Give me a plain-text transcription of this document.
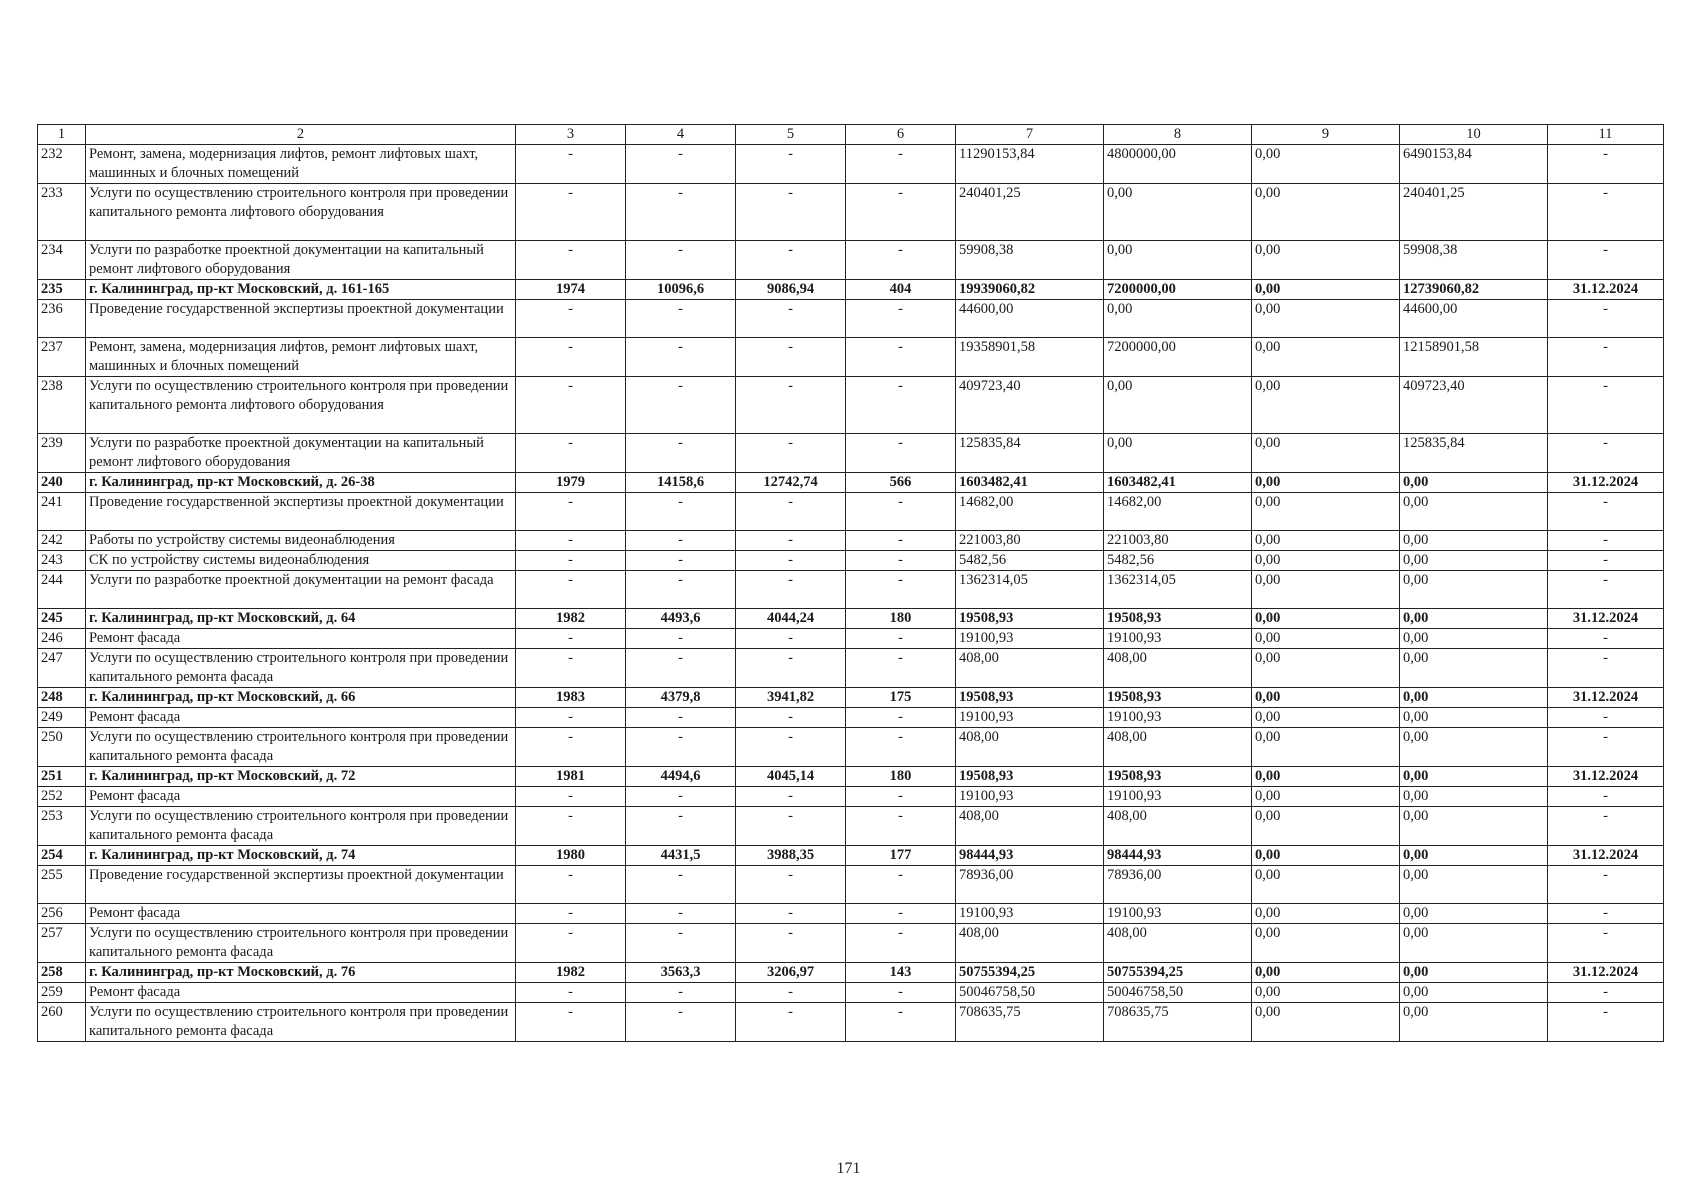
1	2	3	4	5	6	7	8	9	10	11
232	Ремонт, замена, модернизация лифтов, ремонт лифтовых шахт, машинных и блочных помещений	-	-	-	-	11290153,84	4800000,00	0,00	6490153,84	-
233	Услуги по осуществлению строительного контроля при проведении капитального ремонта лифтового оборудования	-	-	-	-	240401,25	0,00	0,00	240401,25	-
234	Услуги по разработке проектной документации на капитальный ремонт лифтового оборудования	-	-	-	-	59908,38	0,00	0,00	59908,38	-
235	г. Калининград, пр-кт Московский, д. 161-165	1974	10096,6	9086,94	404	19939060,82	7200000,00	0,00	12739060,82	31.12.2024
236	Проведение государственной экспертизы проектной документации	-	-	-	-	44600,00	0,00	0,00	44600,00	-
237	Ремонт, замена, модернизация лифтов, ремонт лифтовых шахт, машинных и блочных помещений	-	-	-	-	19358901,58	7200000,00	0,00	12158901,58	-
238	Услуги по осуществлению строительного контроля при проведении капитального ремонта лифтового оборудования	-	-	-	-	409723,40	0,00	0,00	409723,40	-
239	Услуги по разработке проектной документации на капитальный ремонт лифтового оборудования	-	-	-	-	125835,84	0,00	0,00	125835,84	-
240	г. Калининград, пр-кт Московский, д. 26-38	1979	14158,6	12742,74	566	1603482,41	1603482,41	0,00	0,00	31.12.2024
241	Проведение государственной экспертизы проектной документации	-	-	-	-	14682,00	14682,00	0,00	0,00	-
242	Работы по устройству системы видеонаблюдения	-	-	-	-	221003,80	221003,80	0,00	0,00	-
243	СК по устройству системы видеонаблюдения	-	-	-	-	5482,56	5482,56	0,00	0,00	-
244	Услуги по разработке проектной документации на ремонт фасада	-	-	-	-	1362314,05	1362314,05	0,00	0,00	-
245	г. Калининград, пр-кт Московский, д. 64	1982	4493,6	4044,24	180	19508,93	19508,93	0,00	0,00	31.12.2024
246	Ремонт фасада	-	-	-	-	19100,93	19100,93	0,00	0,00	-
247	Услуги по осуществлению строительного контроля при проведении капитального ремонта фасада	-	-	-	-	408,00	408,00	0,00	0,00	-
248	г. Калининград, пр-кт Московский, д. 66	1983	4379,8	3941,82	175	19508,93	19508,93	0,00	0,00	31.12.2024
249	Ремонт фасада	-	-	-	-	19100,93	19100,93	0,00	0,00	-
250	Услуги по осуществлению строительного контроля при проведении капитального ремонта фасада	-	-	-	-	408,00	408,00	0,00	0,00	-
251	г. Калининград, пр-кт Московский, д. 72	1981	4494,6	4045,14	180	19508,93	19508,93	0,00	0,00	31.12.2024
252	Ремонт фасада	-	-	-	-	19100,93	19100,93	0,00	0,00	-
253	Услуги по осуществлению строительного контроля при проведении капитального ремонта фасада	-	-	-	-	408,00	408,00	0,00	0,00	-
254	г. Калининград, пр-кт Московский, д. 74	1980	4431,5	3988,35	177	98444,93	98444,93	0,00	0,00	31.12.2024
255	Проведение государственной экспертизы проектной документации	-	-	-	-	78936,00	78936,00	0,00	0,00	-
256	Ремонт фасада	-	-	-	-	19100,93	19100,93	0,00	0,00	-
257	Услуги по осуществлению строительного контроля при проведении капитального ремонта фасада	-	-	-	-	408,00	408,00	0,00	0,00	-
258	г. Калининград, пр-кт Московский, д. 76	1982	3563,3	3206,97	143	50755394,25	50755394,25	0,00	0,00	31.12.2024
259	Ремонт фасада	-	-	-	-	50046758,50	50046758,50	0,00	0,00	-
260	Услуги по осуществлению строительного контроля при проведении капитального ремонта фасада	-	-	-	-	708635,75	708635,75	0,00	0,00	-
171
